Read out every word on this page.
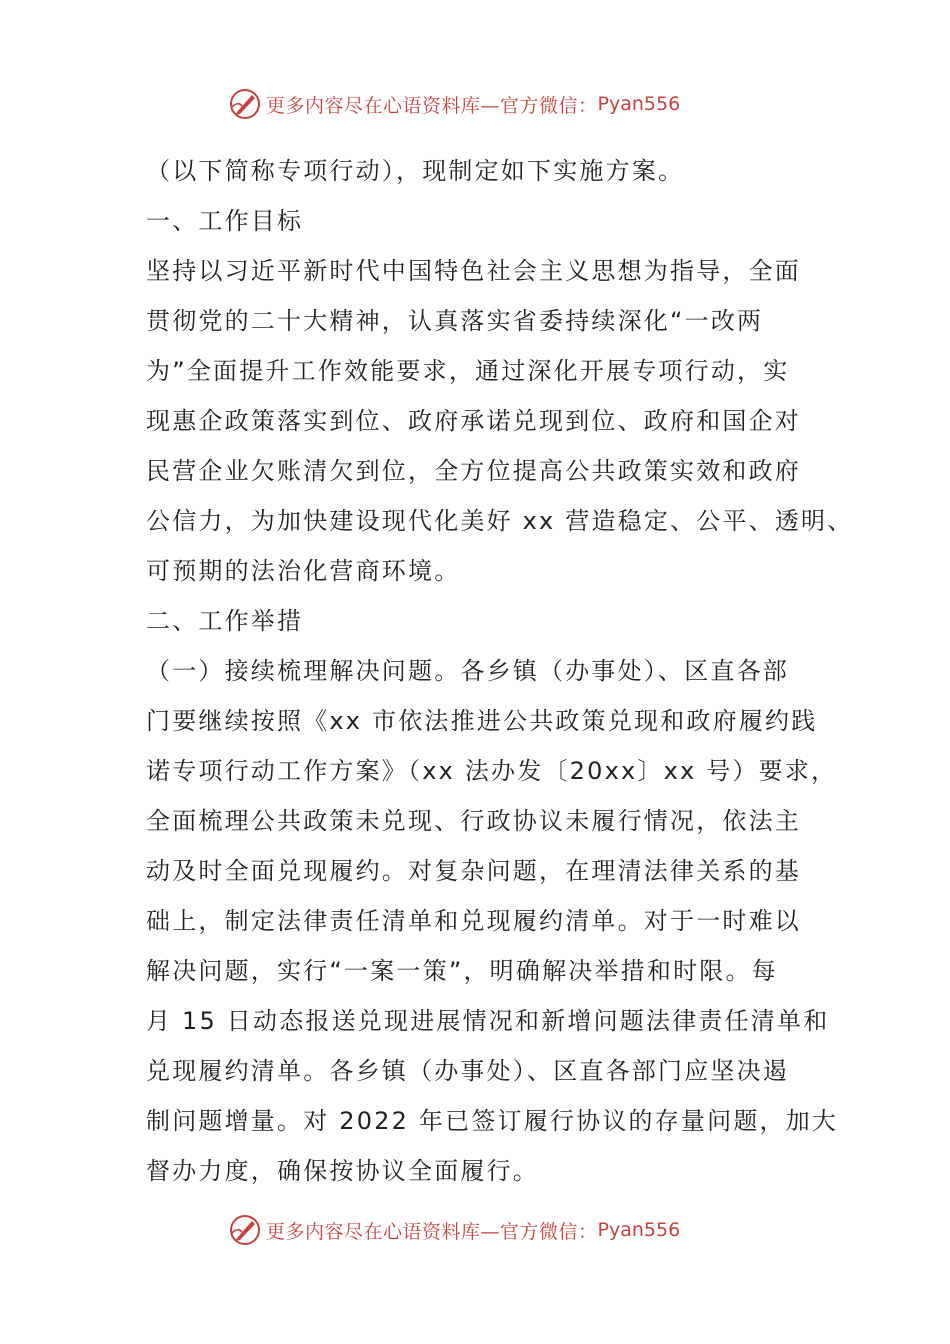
更多内容尽在心语资料库—官方微信： Pyan556
（以下简称专项行动），现制定如下实施方案。
一、工作目标
坚持以习近平新时代中国特色社会主义思想为指导，全面
贯彻党的二十大精神，认真落实省委持续深化“一改两
为”全面提升工作效能要求，通过深化开展专项行动，实
现惠企政策落实到位、政府承诺兑现到位、政府和国企对
民营企业欠账清欠到位，全方位提高公共政策实效和政府
公信力，为加快建设现代化美好 xx 营造稳定、公平、透明、
可预期的法治化营商环境。
二、工作举措
（一）接续梳理解决问题。各乡镇（办事处）、区直各部
门要继续按照《xx 市依法推进公共政策兑现和政府履约践
诺专项行动工作方案》（xx 法办发〔20xx〕xx 号）要求，
全面梳理公共政策未兑现、行政协议未履行情况，依法主
动及时全面兑现履约。对复杂问题，在理清法律关系的基
础上，制定法律责任清单和兑现履约清单。对于一时难以
解决问题，实行“一案一策”，明确解决举措和时限。每
月 15 日动态报送兑现进展情况和新增问题法律责任清单和
兑现履约清单。各乡镇（办事处）、区直各部门应坚决遏
制问题增量。对 2022 年已签订履行协议的存量问题，加大
督办力度，确保按协议全面履行。
更多内容尽在心语资料库—官方微信： Pyan556
